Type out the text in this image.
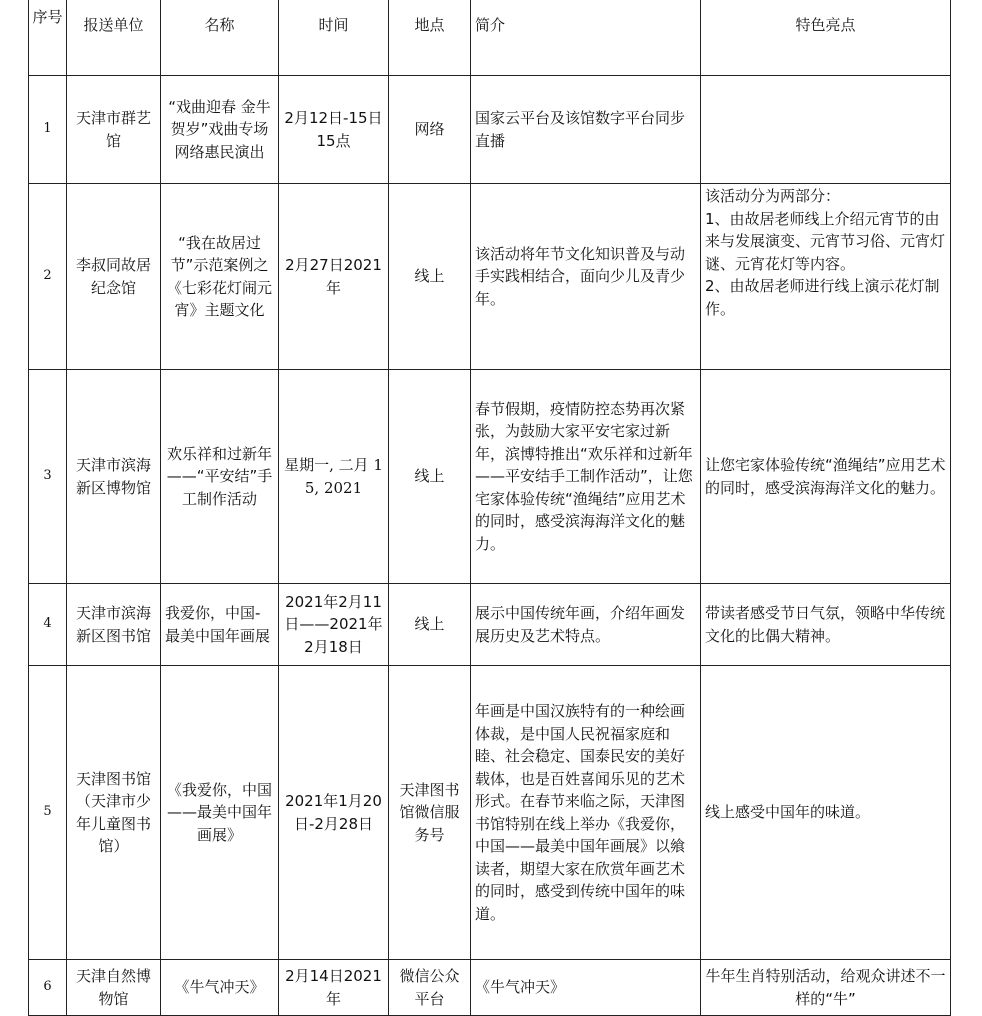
序号	报送单位	名称	时间	地点	简介	特色亮点
1	天津市群艺馆	“戏曲迎春 金牛贺岁”戏曲专场网络惠民演出	2月12日-15日15点	网络	国家云平台及该馆数字平台同步直播	
2	李叔同故居纪念馆	“我在故居过节”示范案例之《七彩花灯闹元宵》主题文化	2月27日2021年	线上	该活动将年节文化知识普及与动手实践相结合，面向少儿及青少年。	该活动分为两部分：
1、由故居老师线上介绍元宵节的由来与发展演变、元宵节习俗、元宵灯谜、元宵花灯等内容。
2、由故居老师进行线上演示花灯制作。
3	天津市滨海新区博物馆	欢乐祥和过新年——“平安结”手工制作活动	星期一, 二月 15, 2021	线上	春节假期，疫情防控态势再次紧张，为鼓励大家平安宅家过新年，滨博特推出“欢乐祥和过新年——平安结手工制作活动”，让您宅家体验传统“渔绳结”应用艺术的同时，感受滨海海洋文化的魅力。	让您宅家体验传统“渔绳结”应用艺术的同时，感受滨海海洋文化的魅力。
4	天津市滨海新区图书馆	我爱你，中国-最美中国年画展	2021年2月11日——2021年2月18日	线上	展示中国传统年画，介绍年画发展历史及艺术特点。	带读者感受节日气氛，领略中华传统文化的比偶大精神。
5	天津图书馆（天津市少年儿童图书馆）	《我爱你，中国——最美中国年画展》	2021年1月20日-2月28日	天津图书馆微信服务号	年画是中国汉族特有的一种绘画体裁，是中国人民祝福家庭和睦、社会稳定、国泰民安的美好载体，也是百姓喜闻乐见的艺术形式。在春节来临之际，天津图书馆特别在线上举办《我爱你，中国——最美中国年画展》以飨读者，期望大家在欣赏年画艺术的同时，感受到传统中国年的味道。	线上感受中国年的味道。
6	天津自然博物馆	《牛气冲天》	2月14日2021年	微信公众平台	《牛气冲天》	牛年生肖特别活动，给观众讲述不一样的“牛”
